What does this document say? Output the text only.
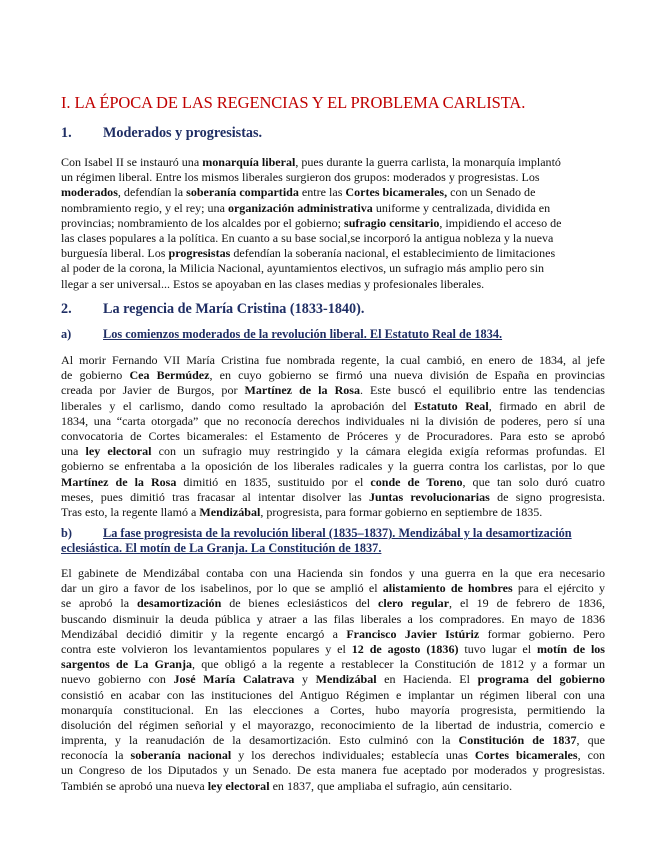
I. LA ÉPOCA DE LAS REGENCIAS Y EL PROBLEMA CARLISTA.
1. Moderados y progresistas.
Con Isabel II se instauró una monarquía liberal, pues durante la guerra carlista, la monarquía implantó
un régimen liberal. Entre los mismos liberales surgieron dos grupos: moderados y progresistas. Los
moderados, defendían la soberanía compartida entre las Cortes bicamerales, con un Senado de
nombramiento regio, y el rey; una organización administrativa uniforme y centralizada, dividida en
provincias; nombramiento de los alcaldes por el gobierno; sufragio censitario, impidiendo el acceso de
las clases populares a la política. En cuanto a su base social,se incorporó la antigua nobleza y la nueva
burguesía liberal. Los progresistas defendían la soberanía nacional, el establecimiento de limitaciones
al poder de la corona, la Milicia Nacional, ayuntamientos electivos, un sufragio más amplio pero sin
llegar a ser universal... Estos se apoyaban en las clases medias y profesionales liberales.
2. La regencia de María Cristina (1833-1840).
a)	Los comienzos moderados de la revolución liberal. El Estatuto Real de 1834.
Al morir Fernando VII María Cristina fue nombrada regente, la cual cambió, en enero de 1834, al jefe
de gobierno Cea Bermúdez, en cuyo gobierno se firmó una nueva división de España en provincias
creada por Javier de Burgos, por Martínez de la Rosa. Este buscó el equilibrio entre las tendencias
liberales y el carlismo, dando como resultado la aprobación del Estatuto Real, firmado en abril de
1834, una “carta otorgada” que no reconocía derechos individuales ni la división de poderes, pero sí una
convocatoria de Cortes bicamerales: el Estamento de Próceres y de Procuradores. Para esto se aprobó
una ley electoral con un sufragio muy restringido y la cámara elegida exigía reformas profundas. El
gobierno se enfrentaba a la oposición de los liberales radicales y la guerra contra los carlistas, por lo que
Martínez de la Rosa dimitió en 1835, sustituido por el conde de Toreno, que tan solo duró cuatro
meses, pues dimitió tras fracasar al intentar disolver las Juntas revolucionarias de signo progresista.
Tras esto, la regente llamó a Mendizábal, progresista, para formar gobierno en septiembre de 1835.
b)	La fase progresista de la revolución liberal (1835–1837). Mendizábal y la desamortización
eclesiástica. El motín de La Granja. La Constitución de 1837.
El gabinete de Mendizábal contaba con una Hacienda sin fondos y una guerra en la que era necesario
dar un giro a favor de los isabelinos, por lo que se amplió el alistamiento de hombres para el ejército y
se aprobó la desamortización de bienes eclesiásticos del clero regular, el 19 de febrero de 1836,
buscando disminuir la deuda pública y atraer a las filas liberales a los compradores. En mayo de 1836
Mendizábal decidió dimitir y la regente encargó a Francisco Javier Istúriz formar gobierno. Pero
contra este volvieron los levantamientos populares y el 12 de agosto (1836) tuvo lugar el motín de los
sargentos de La Granja, que obligó a la regente a restablecer la Constitución de 1812 y a formar un
nuevo gobierno con José María Calatrava y Mendizábal en Hacienda. El programa del gobierno
consistió en acabar con las instituciones del Antiguo Régimen e implantar un régimen liberal con una
monarquía constitucional. En las elecciones a Cortes, hubo mayoría progresista, permitiendo la
disolución del régimen señorial y el mayorazgo, reconocimiento de la libertad de industria, comercio e
imprenta, y la reanudación de la desamortización. Esto culminó con la Constitución de 1837, que
reconocía la soberanía nacional y los derechos individuales; establecía unas Cortes bicamerales, con
un Congreso de los Diputados y un Senado. De esta manera fue aceptado por moderados y progresistas.
También se aprobó una nueva ley electoral en 1837, que ampliaba el sufragio, aún censitario.
